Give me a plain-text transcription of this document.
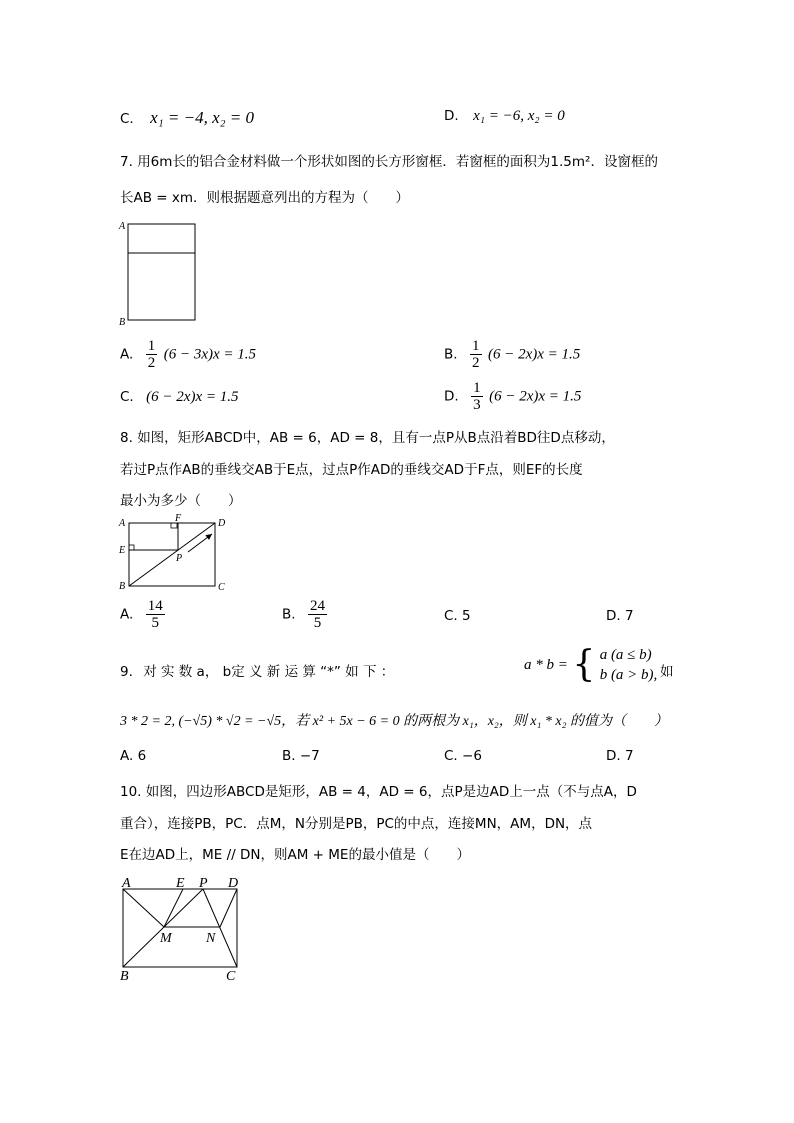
C. x₁ = −4, x₂ = 0	D. x₁ = −6, x₂ = 0
7. 用6m长的铝合金材料做一个形状如图的长方形窗框．若窗框的面积为1.5m²．设窗框的
长AB = xm．则根据题意列出的方程为（　　）
A
B
A. $\frac{1}{2} (6 - 3x)x = 1.5$	B. $\frac{1}{2} (6 - 2x)x = 1.5$
C. (6 − 2x)x = 1.5	D. $\frac{1}{3} (6 - 2x)x = 1.5$
8. 如图，矩形ABCD中，AB = 6，AD = 8，且有一点P从B点沿着BD往D点移动，
若过P点作AB的垂线交AB于E点，过点P作AD的垂线交AD于F点，则EF的长度
最小为多少（　　）
A
B	C
D
E
F
P
A. $\frac{14}{5}$	B. $\frac{24}{5}$	C. 5	D. 7
9. 对 实 数 a， b定 义 新 运 算 “*” 如 下 ：	a * b = { a (a ≤ b)
b (a > b), 如
3 * 2 = 2, (−√5) * √2 = −√5，若 x² + 5x − 6 = 0 的两根为 x₁，x₂，则 x₁ * x₂ 的值为（　　）
A. 6	B. −7	C. −6	D. 7
10. 如图，四边形ABCD是矩形，AB = 4，AD = 6，点P是边AD上一点（不与点A，D
重合），连接PB，PC．点M，N分别是PB，PC的中点，连接MN，AM，DN，点
E在边AD上，ME // DN，则AM + ME的最小值是（　　）
A	E P D
M N
B	C
